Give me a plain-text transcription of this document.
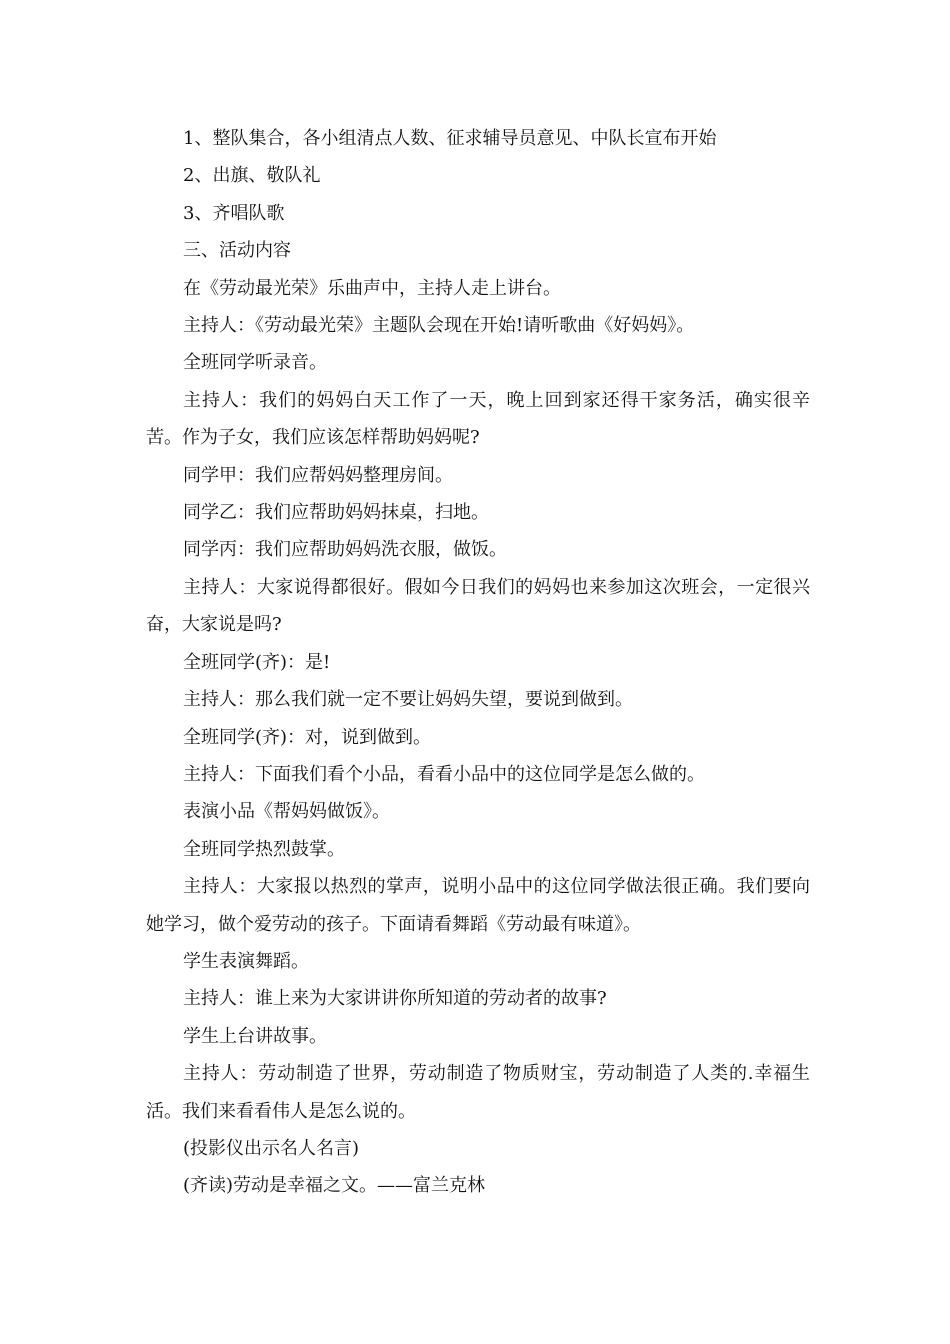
1、整队集合，各小组清点人数、征求辅导员意见、中队长宣布开始

2、出旗、敬队礼

3、齐唱队歌

三、活动内容

在《劳动最光荣》乐曲声中，主持人走上讲台。

主持人：《劳动最光荣》主题队会现在开始!请听歌曲《好妈妈》。

全班同学听录音。

主持人：我们的妈妈白天工作了一天，晚上回到家还得干家务活，确实很辛苦。作为子女，我们应该怎样帮助妈妈呢?

同学甲：我们应帮妈妈整理房间。

同学乙：我们应帮助妈妈抹桌，扫地。

同学丙：我们应帮助妈妈洗衣服，做饭。

主持人：大家说得都很好。假如今日我们的妈妈也来参加这次班会，一定很兴奋，大家说是吗?

全班同学(齐)：是!

主持人：那么我们就一定不要让妈妈失望，要说到做到。

全班同学(齐)：对，说到做到。

主持人：下面我们看个小品，看看小品中的这位同学是怎么做的。

表演小品《帮妈妈做饭》。

全班同学热烈鼓掌。

主持人：大家报以热烈的掌声，说明小品中的这位同学做法很正确。我们要向她学习，做个爱劳动的孩子。下面请看舞蹈《劳动最有味道》。

学生表演舞蹈。

主持人：谁上来为大家讲讲你所知道的劳动者的故事?

学生上台讲故事。

主持人：劳动制造了世界，劳动制造了物质财宝，劳动制造了人类的.幸福生活。我们来看看伟人是怎么说的。

(投影仪出示名人名言)

(齐读)劳动是幸福之文。——富兰克林
